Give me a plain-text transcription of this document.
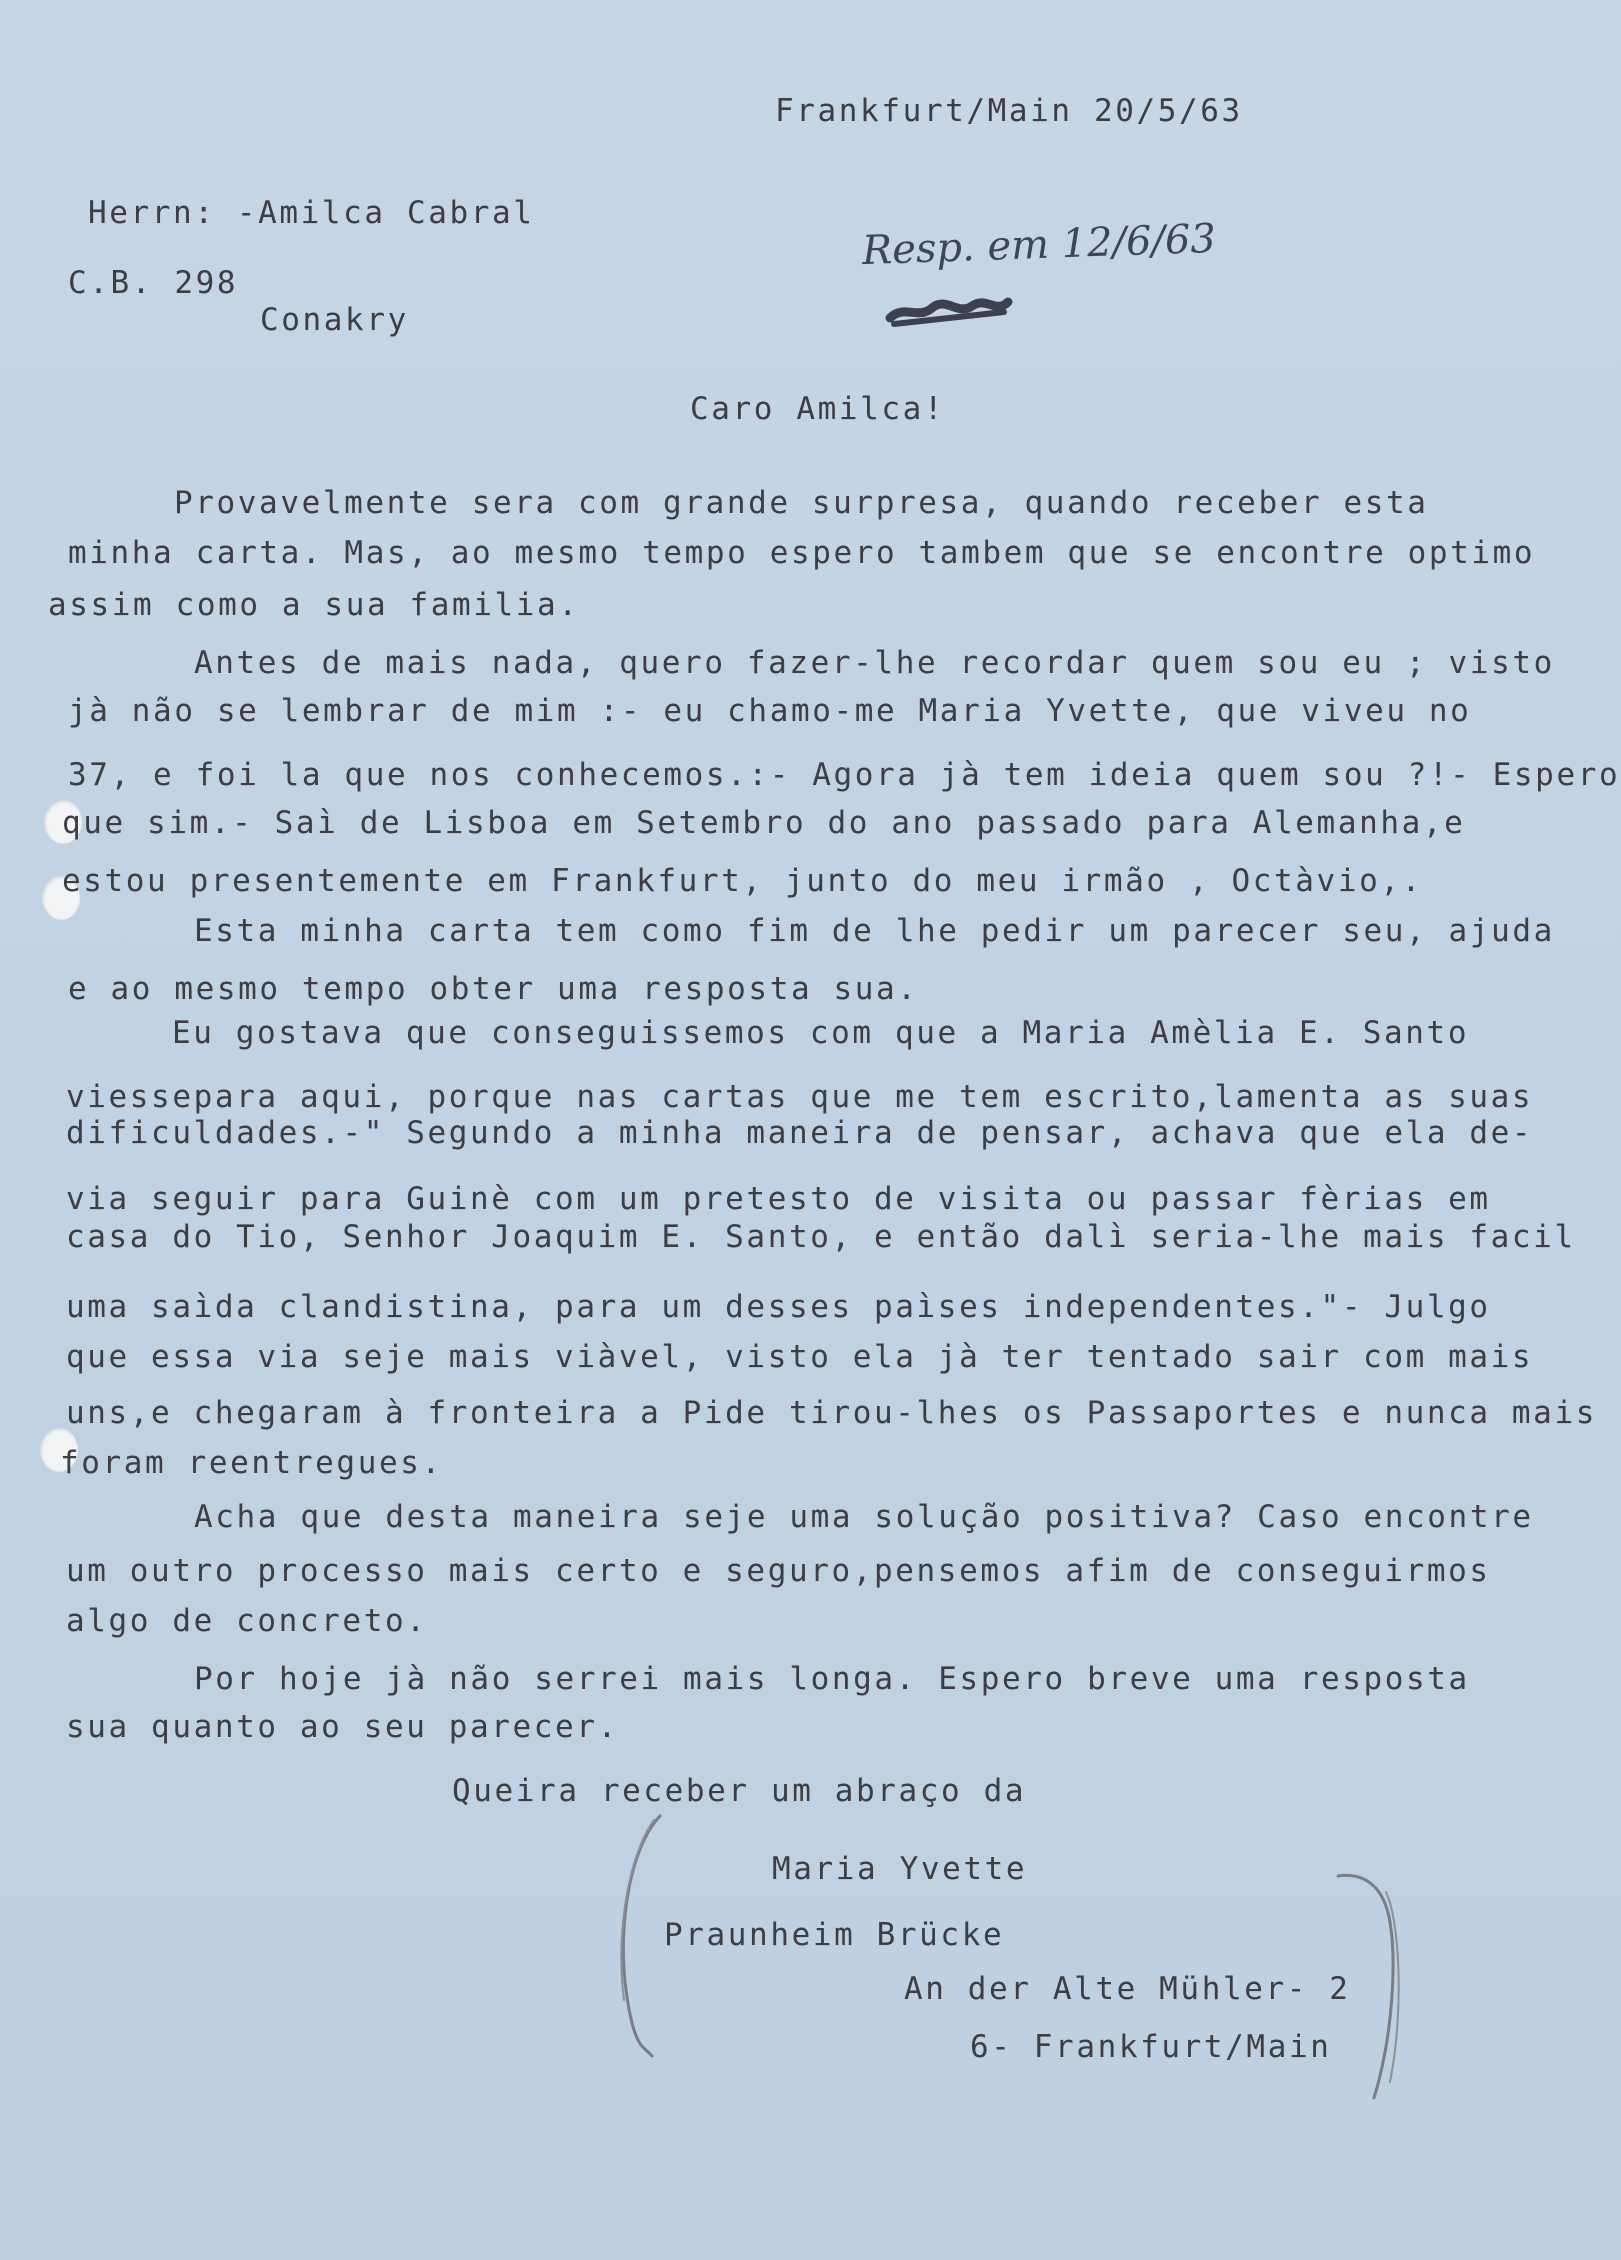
Frankfurt/Main 20/5/63
Herrn: -Amilca Cabral
C.B. 298
Conakry
Resp. em 12/6/63
Caro Amilca!
Provavelmente sera com grande surpresa, quando receber esta
minha carta. Mas, ao mesmo tempo espero tambem que se encontre optimo
assim como a sua familia.
Antes de mais nada, quero fazer-lhe recordar quem sou eu ; visto
jà não se lembrar de mim :- eu chamo-me Maria Yvette, que viveu no
37, e foi la que nos conhecemos.:- Agora jà tem ideia quem sou ?!- Espero
que sim.- Saì de Lisboa em Setembro do ano passado para Alemanha,e
estou presentemente em Frankfurt, junto do meu irmão , Octàvio,.
Esta minha carta tem como fim de lhe pedir um parecer seu, ajuda
e ao mesmo tempo obter uma resposta sua.
Eu gostava que conseguissemos com que a Maria Amèlia E. Santo
viessepara aqui, porque nas cartas que me tem escrito,lamenta as suas
dificuldades.-" Segundo a minha maneira de pensar, achava que ela de-
via seguir para Guinè com um pretesto de visita ou passar fèrias em
casa do Tio, Senhor Joaquim E. Santo, e então dalì seria-lhe mais facil
uma saìda clandistina, para um desses paìses independentes."- Julgo
que essa via seje mais viàvel, visto ela jà ter tentado sair com mais
uns,e chegaram à fronteira a Pide tirou-lhes os Passaportes e nunca mais
foram reentregues.
Acha que desta maneira seje uma solução positiva? Caso encontre
um outro processo mais certo e seguro,pensemos afim de conseguirmos
algo de concreto.
Por hoje jà não serrei mais longa. Espero breve uma resposta
sua quanto ao seu parecer.
Queira receber um abraço da
Maria Yvette
Praunheim Brücke
An der Alte Mühler- 2
6- Frankfurt/Main
